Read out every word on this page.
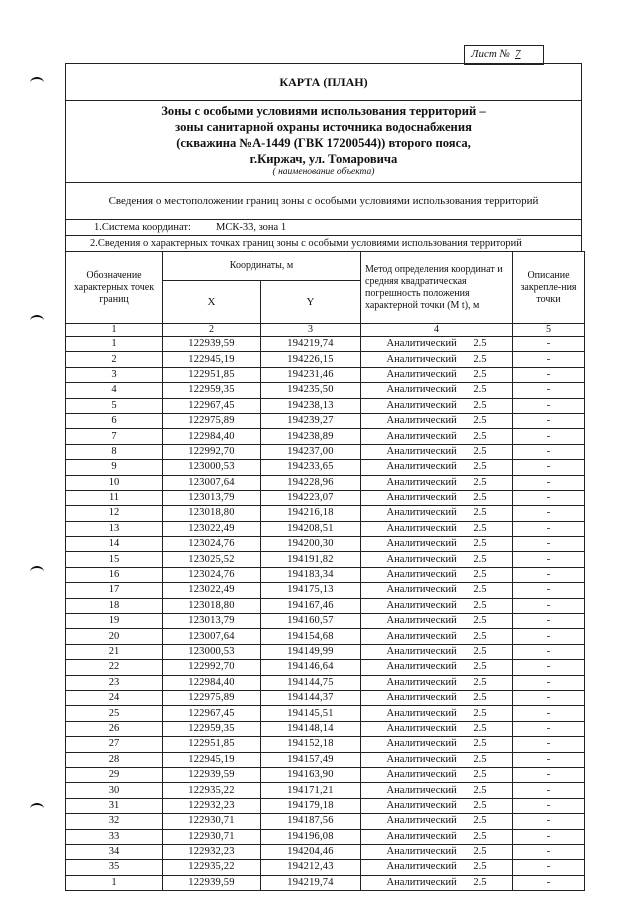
Лист № 7
КАРТА (ПЛАН)
Зоны с особыми условиями использования территорий –
зоны санитарной охраны источника водоснабжения
(скважина №А-1449 (ГВК 17200544)) второго пояса,
г.Киржач, ул. Томаровича
( наименование объекта)
Сведения о местоположении границ зоны с особыми условиями использования территорий
1.Система координат: МСК-33, зона 1
2.Сведения о характерных точках границ зоны с особыми условиями использования территорий
Обозначение характерных точек границ	Координаты, м		Метод определения координат и средняя квадратическая погрешность положения характерной точки (M t), м	Описание закрепле-ния точки
	X	Y		
1	2	3	4	5
1	122939,59	194219,74	Аналитический 2.5	-
2	122945,19	194226,15	Аналитический 2.5	-
3	122951,85	194231,46	Аналитический 2.5	-
4	122959,35	194235,50	Аналитический 2.5	-
5	122967,45	194238,13	Аналитический 2.5	-
6	122975,89	194239,27	Аналитический 2.5	-
7	122984,40	194238,89	Аналитический 2.5	-
8	122992,70	194237,00	Аналитический 2.5	-
9	123000,53	194233,65	Аналитический 2.5	-
10	123007,64	194228,96	Аналитический 2.5	-
11	123013,79	194223,07	Аналитический 2.5	-
12	123018,80	194216,18	Аналитический 2.5	-
13	123022,49	194208,51	Аналитический 2.5	-
14	123024,76	194200,30	Аналитический 2.5	-
15	123025,52	194191,82	Аналитический 2.5	-
16	123024,76	194183,34	Аналитический 2.5	-
17	123022,49	194175,13	Аналитический 2.5	-
18	123018,80	194167,46	Аналитический 2.5	-
19	123013,79	194160,57	Аналитический 2.5	-
20	123007,64	194154,68	Аналитический 2.5	-
21	123000,53	194149,99	Аналитический 2.5	-
22	122992,70	194146,64	Аналитический 2.5	-
23	122984,40	194144,75	Аналитический 2.5	-
24	122975,89	194144,37	Аналитический 2.5	-
25	122967,45	194145,51	Аналитический 2.5	-
26	122959,35	194148,14	Аналитический 2.5	-
27	122951,85	194152,18	Аналитический 2.5	-
28	122945,19	194157,49	Аналитический 2.5	-
29	122939,59	194163,90	Аналитический 2.5	-
30	122935,22	194171,21	Аналитический 2.5	-
31	122932,23	194179,18	Аналитический 2.5	-
32	122930,71	194187,56	Аналитический 2.5	-
33	122930,71	194196,08	Аналитический 2.5	-
34	122932,23	194204,46	Аналитический 2.5	-
35	122935,22	194212,43	Аналитический 2.5	-
1	122939,59	194219,74	Аналитический 2.5	-
